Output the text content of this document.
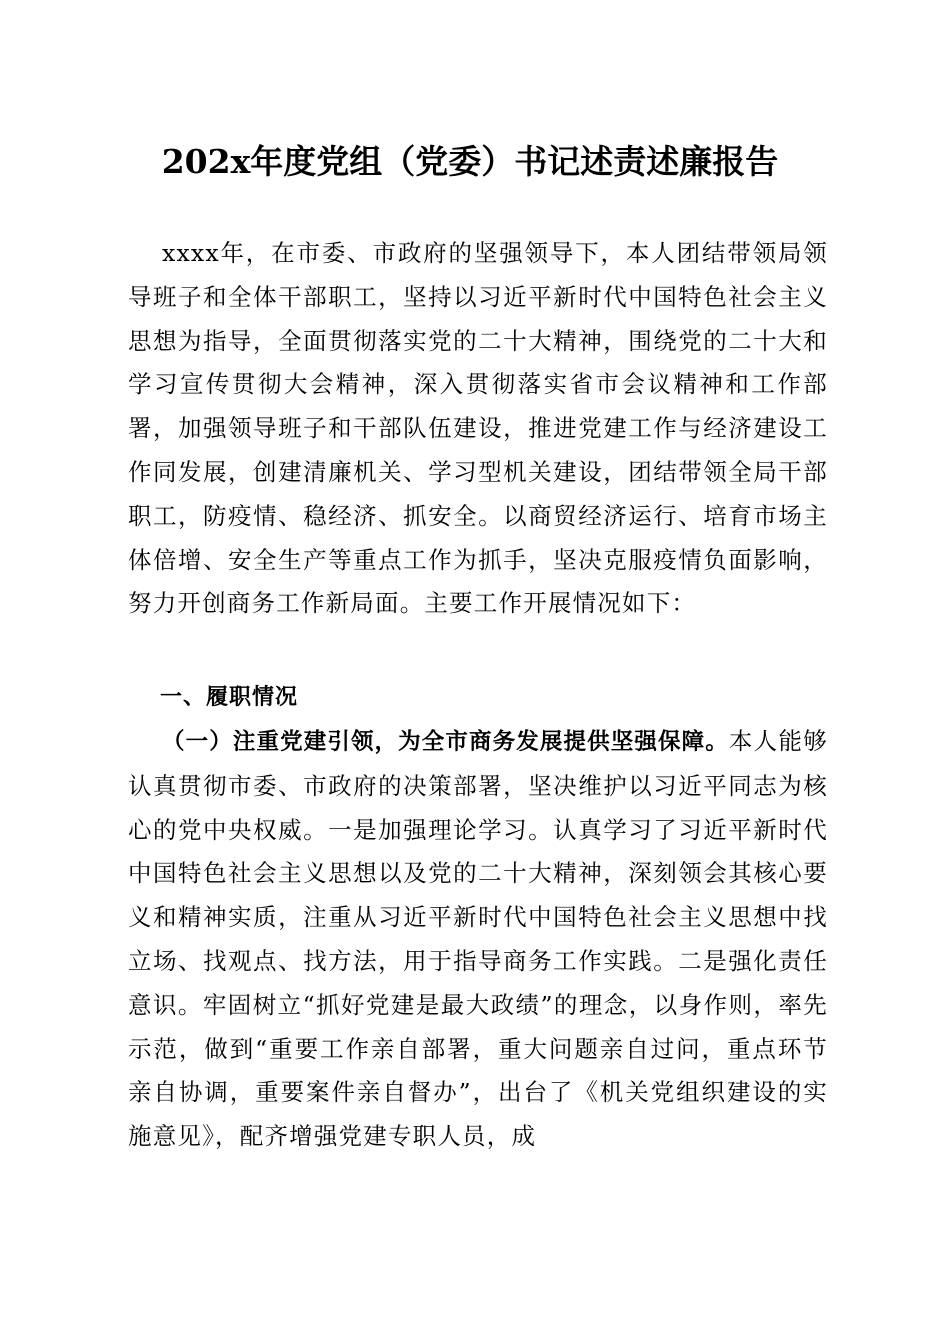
202x年度党组（党委）书记述责述廉报告

xxxx年，在市委、市政府的坚强领导下，本人团结带领局领导班子和全体干部职工，坚持以习近平新时代中国特色社会主义思想为指导，全面贯彻落实党的二十大精神，围绕党的二十大和学习宣传贯彻大会精神，深入贯彻落实省市会议精神和工作部署，加强领导班子和干部队伍建设，推进党建工作与经济建设工作同发展，创建清廉机关、学习型机关建设，团结带领全局干部职工，防疫情、稳经济、抓安全。以商贸经济运行、培育市场主体倍增、安全生产等重点工作为抓手，坚决克服疫情负面影响，努力开创商务工作新局面。主要工作开展情况如下：

一、履职情况

（一）注重党建引领，为全市商务发展提供坚强保障。本人能够认真贯彻市委、市政府的决策部署，坚决维护以习近平同志为核心的党中央权威。一是加强理论学习。认真学习了习近平新时代中国特色社会主义思想以及党的二十大精神，深刻领会其核心要义和精神实质，注重从习近平新时代中国特色社会主义思想中找立场、找观点、找方法，用于指导商务工作实践。二是强化责任意识。牢固树立“抓好党建是最大政绩”的理念，以身作则，率先示范，做到“重要工作亲自部署，重大问题亲自过问，重点环节亲自协调，重要案件亲自督办”，出台了《机关党组织建设的实施意见》，配齐增强党建专职人员，成
